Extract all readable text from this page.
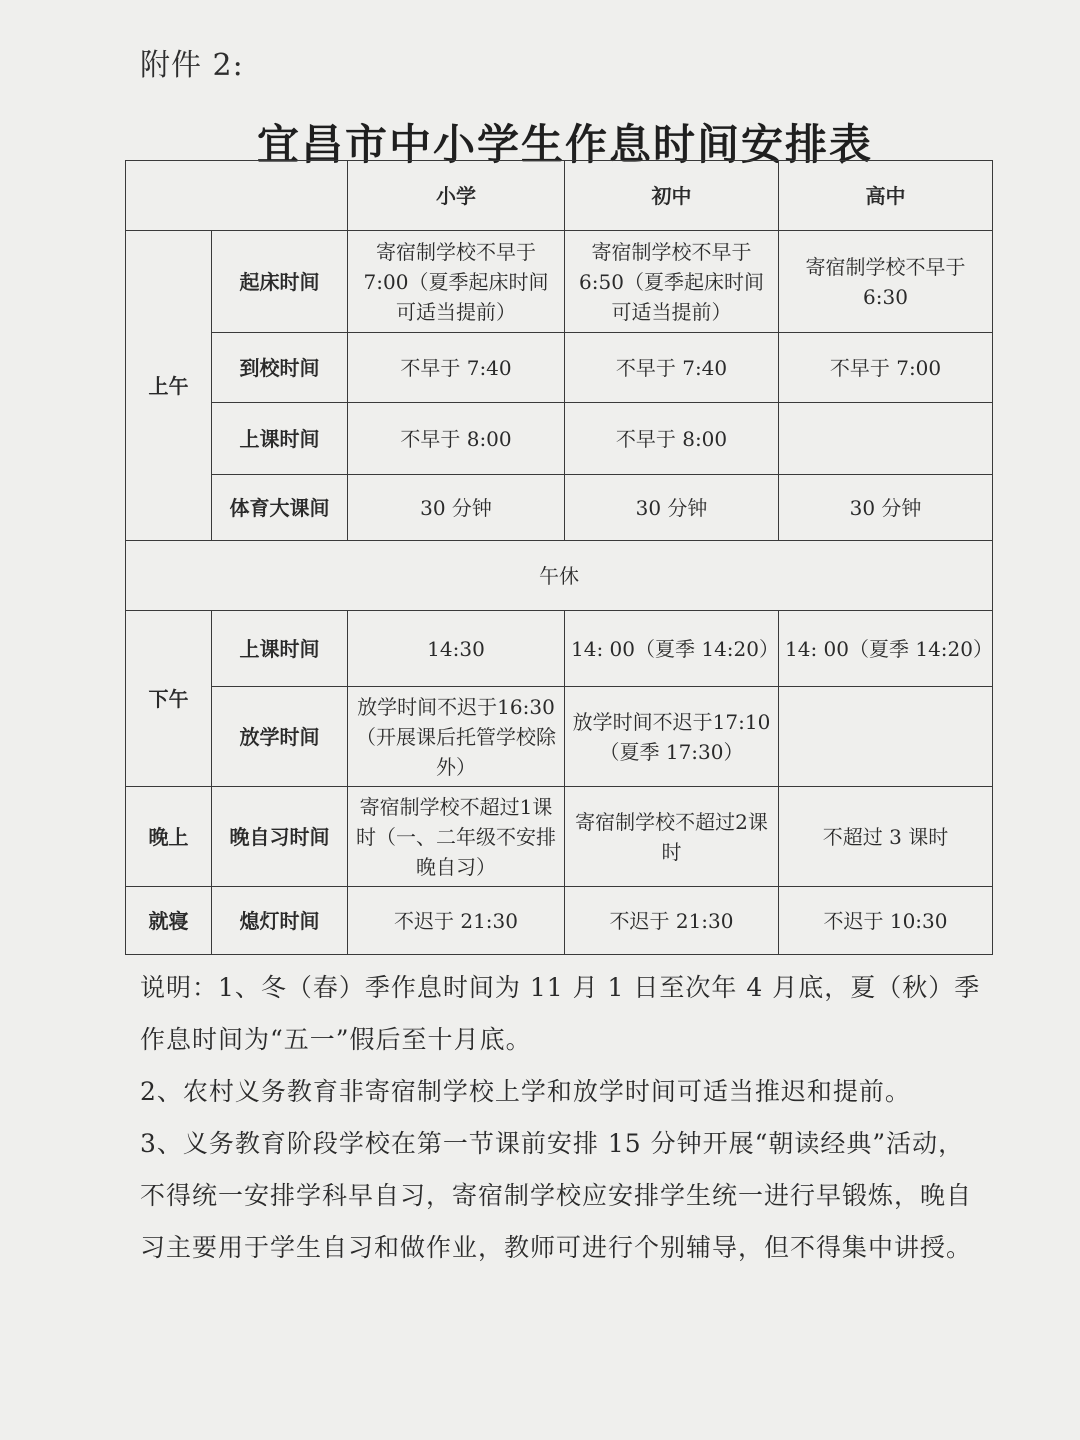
附件 2:
宜昌市中小学生作息时间安排表
		小学	初中	高中
上午	起床时间	寄宿制学校不早于7:00（夏季起床时间可适当提前）	寄宿制学校不早于6:50（夏季起床时间可适当提前）	寄宿制学校不早于6:30
	到校时间	不早于 7:40	不早于 7:40	不早于 7:00
	上课时间	不早于 8:00	不早于 8:00	
	体育大课间	30 分钟	30 分钟	30 分钟
午休				
下午	上课时间	14:30	14: 00（夏季 14:20）	14: 00（夏季 14:20）
	放学时间	放学时间不迟于16:30（开展课后托管学校除外）	放学时间不迟于17:10（夏季 17:30）	
晚上	晚自习时间	寄宿制学校不超过1课时（一、二年级不安排晚自习）	寄宿制学校不超过2课时	不超过 3 课时
就寝	熄灯时间	不迟于 21:30	不迟于 21:30	不迟于 10:30

说明：1、冬（春）季作息时间为 11 月 1 日至次年 4 月底，夏（秋）季作息时间为“五一”假后至十月底。

2、农村义务教育非寄宿制学校上学和放学时间可适当推迟和提前。

3、义务教育阶段学校在第一节课前安排 15 分钟开展“朝读经典”活动，不得统一安排学科早自习，寄宿制学校应安排学生统一进行早锻炼，晚自习主要用于学生自习和做作业，教师可进行个别辅导，但不得集中讲授。
